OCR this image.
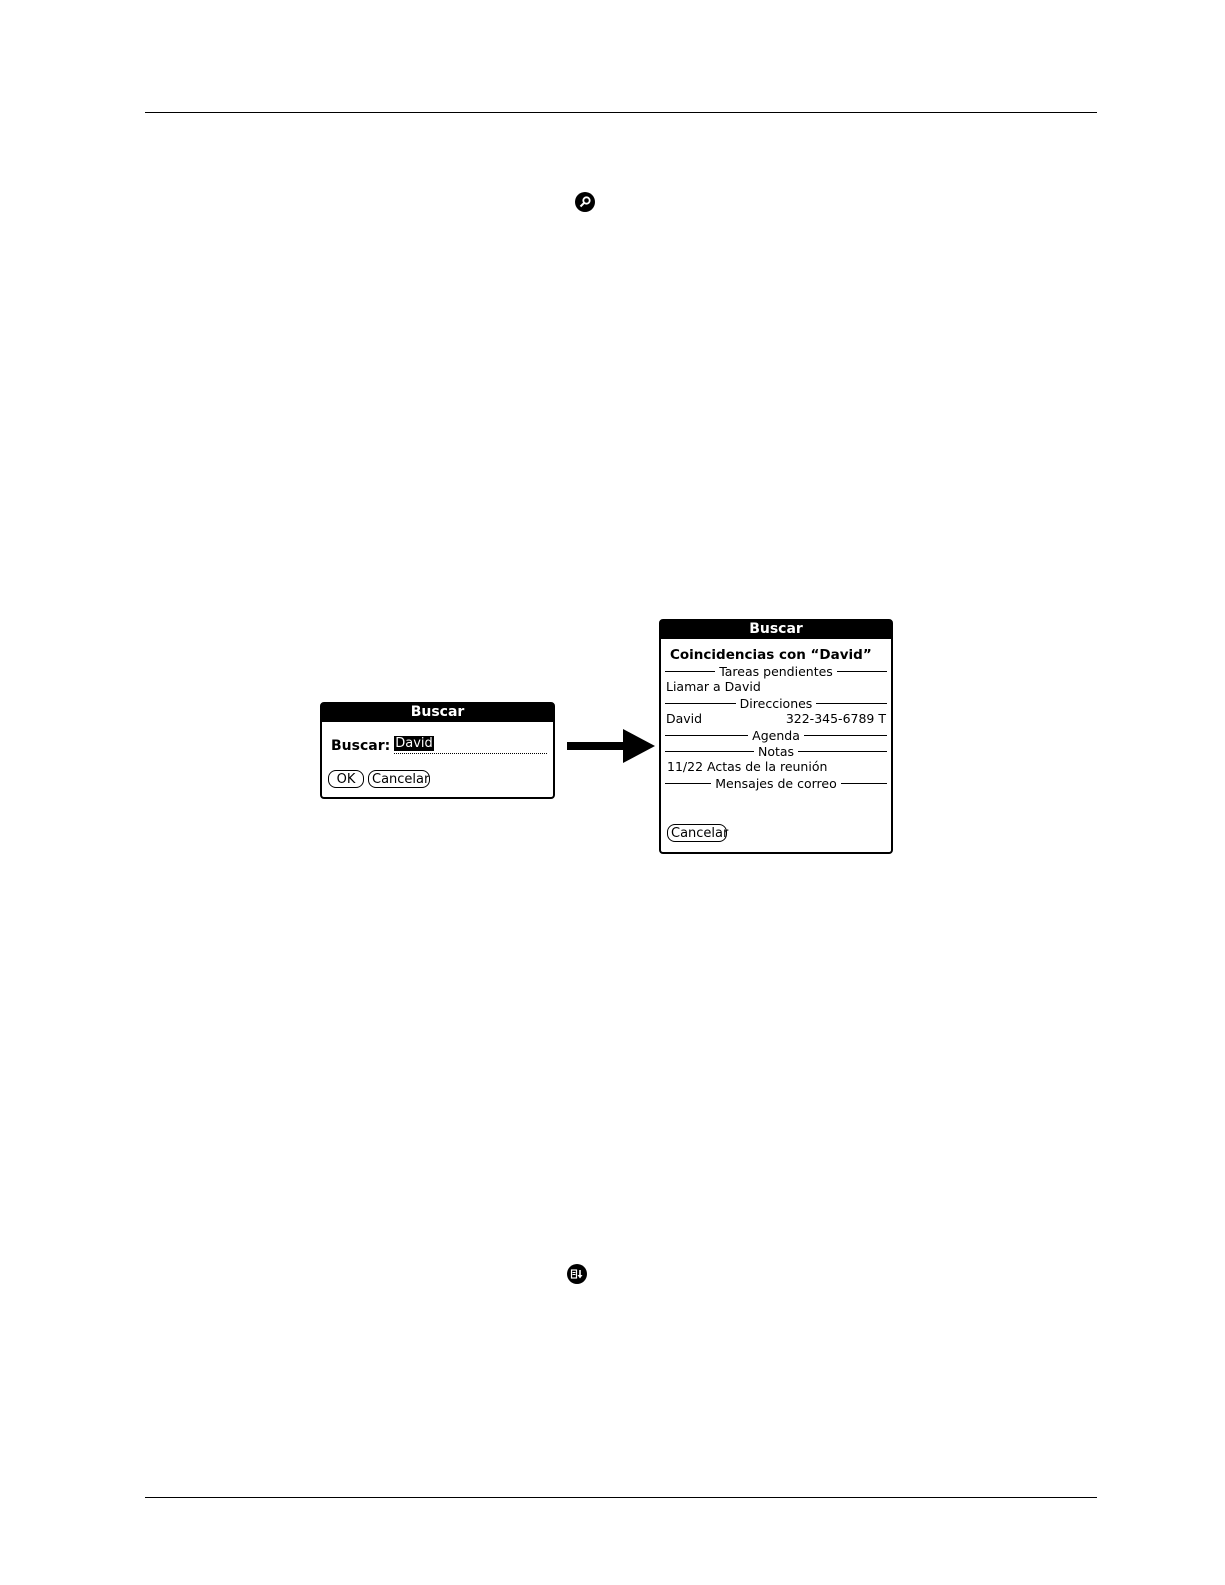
Buscar
Buscar: David
OK	Cancelar
Buscar
Coincidencias con “David”
Tareas pendientes
Liamar a David
Direcciones
David	322-345-6789 T
Agenda
Notas
11/22 Actas de la reunión
Mensajes de correo
Cancelar
